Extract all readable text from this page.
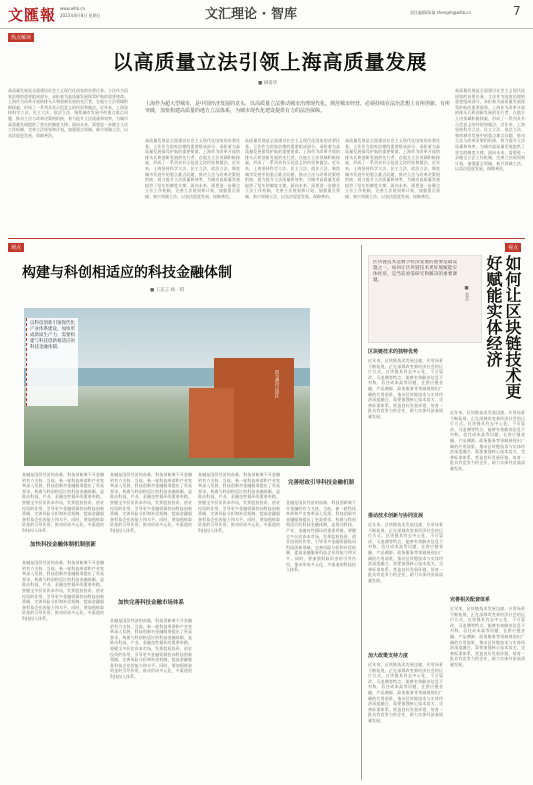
文匯報 www.whb.cn
2023年8月8日 星期日	文汇理论 · 智库	责任编辑/陈瑜 zhengm@whb.cn	7
热点解读
以高质量立法引领上海高质量发展
■ 胡爱华
上海作为超大型城市，是中国经济发展的龙头，以高质量立法推动城市治理现代化、规范城市经营，必须持续在法治思想上有所创新、有所突破，加快构建高质量的地方立法体系，为城市现代化建设提供有力的法治保障。
高质量发展是全面建设社会主义现代化国家的首要任务。立法作为国家治理的重要组成部分，承担着为高质量发展保驾护航的重要使命。上海作为改革开放的排头兵和创新发展的先行者，在地方立法领域积极探索，形成了一系列具有示范意义的经验和做法。近年来，上海坚持科学立法、民主立法、依法立法，聚焦城市发展中的重点难点问题，推动立法与改革决策相衔接，着力提升立法质量和效率，为城市高质量发展提供了坚实的制度支撑。面向未来，需要进一步健全立法工作机制，完善立法规划和计划，加强重点领域、新兴领域立法，以良法促进发展、保障善治。
高质量发展是全面建设社会主义现代化国家的首要任务。立法作为国家治理的重要组成部分，承担着为高质量发展保驾护航的重要使命。上海作为改革开放的排头兵和创新发展的先行者，在地方立法领域积极探索，形成了一系列具有示范意义的经验和做法。近年来，上海坚持科学立法、民主立法、依法立法，聚焦城市发展中的重点难点问题，推动立法与改革决策相衔接，着力提升立法质量和效率，为城市高质量发展提供了坚实的制度支撑。面向未来，需要进一步健全立法工作机制，完善立法规划和计划，加强重点领域、新兴领域立法，以良法促进发展、保障善治。
高质量发展是全面建设社会主义现代化国家的首要任务。立法作为国家治理的重要组成部分，承担着为高质量发展保驾护航的重要使命。上海作为改革开放的排头兵和创新发展的先行者，在地方立法领域积极探索，形成了一系列具有示范意义的经验和做法。近年来，上海坚持科学立法、民主立法、依法立法，聚焦城市发展中的重点难点问题，推动立法与改革决策相衔接，着力提升立法质量和效率，为城市高质量发展提供了坚实的制度支撑。面向未来，需要进一步健全立法工作机制，完善立法规划和计划，加强重点领域、新兴领域立法，以良法促进发展、保障善治。
高质量发展是全面建设社会主义现代化国家的首要任务。立法作为国家治理的重要组成部分，承担着为高质量发展保驾护航的重要使命。上海作为改革开放的排头兵和创新发展的先行者，在地方立法领域积极探索，形成了一系列具有示范意义的经验和做法。近年来，上海坚持科学立法、民主立法、依法立法，聚焦城市发展中的重点难点问题，推动立法与改革决策相衔接，着力提升立法质量和效率，为城市高质量发展提供了坚实的制度支撑。面向未来，需要进一步健全立法工作机制，完善立法规划和计划，加强重点领域、新兴领域立法，以良法促进发展、保障善治。
高质量发展是全面建设社会主义现代化国家的首要任务。立法作为国家治理的重要组成部分，承担着为高质量发展保驾护航的重要使命。上海作为改革开放的排头兵和创新发展的先行者，在地方立法领域积极探索，形成了一系列具有示范意义的经验和做法。近年来，上海坚持科学立法、民主立法、依法立法，聚焦城市发展中的重点难点问题，推动立法与改革决策相衔接，着力提升立法质量和效率，为城市高质量发展提供了坚实的制度支撑。面向未来，需要进一步健全立法工作机制，完善立法规划和计划，加强重点领域、新兴领域立法，以良法促进发展、保障善治。
观点
构建与科创相适应的科技金融体制
■ 王玄言 杨一琪
以科技创新引领现代化产业体系建设，加快形成新质生产力，需要构建与科技创新相适应的科技金融体制。
图为漕河泾园区
金融是国民经济的血脉，科技创新离不开金融的有力支持。当前，新一轮科技革命和产业变革深入发展，科技创新对金融服务提出了更高要求。构建与科创相适应的科技金融体制，是推动科技、产业、金融良性循环的重要举措。要健全多层次资本市场，发挥股权投资、创业投资的作用，引导更多金融资源投向科技创新领域，完善风险分担和补偿机制，提高金融服务科技企业的能力和水平。同时，要加强财政资金的引导作用，推动形成多元化、多渠道的科技投入体系。
加快科技金融体制机制创新
金融是国民经济的血脉，科技创新离不开金融的有力支持。当前，新一轮科技革命和产业变革深入发展，科技创新对金融服务提出了更高要求。构建与科创相适应的科技金融体制，是推动科技、产业、金融良性循环的重要举措。要健全多层次资本市场，发挥股权投资、创业投资的作用，引导更多金融资源投向科技创新领域，完善风险分担和补偿机制，提高金融服务科技企业的能力和水平。同时，要加强财政资金的引导作用，推动形成多元化、多渠道的科技投入体系。
金融是国民经济的血脉，科技创新离不开金融的有力支持。当前，新一轮科技革命和产业变革深入发展，科技创新对金融服务提出了更高要求。构建与科创相适应的科技金融体制，是推动科技、产业、金融良性循环的重要举措。要健全多层次资本市场，发挥股权投资、创业投资的作用，引导更多金融资源投向科技创新领域，完善风险分担和补偿机制，提高金融服务科技企业的能力和水平。同时，要加强财政资金的引导作用，推动形成多元化、多渠道的科技投入体系。
加快完善科技金融市场体系
金融是国民经济的血脉，科技创新离不开金融的有力支持。当前，新一轮科技革命和产业变革深入发展，科技创新对金融服务提出了更高要求。构建与科创相适应的科技金融体制，是推动科技、产业、金融良性循环的重要举措。要健全多层次资本市场，发挥股权投资、创业投资的作用，引导更多金融资源投向科技创新领域，完善风险分担和补偿机制，提高金融服务科技企业的能力和水平。同时，要加强财政资金的引导作用，推动形成多元化、多渠道的科技投入体系。
金融是国民经济的血脉，科技创新离不开金融的有力支持。当前，新一轮科技革命和产业变革深入发展，科技创新对金融服务提出了更高要求。构建与科创相适应的科技金融体制，是推动科技、产业、金融良性循环的重要举措。要健全多层次资本市场，发挥股权投资、创业投资的作用，引导更多金融资源投向科技创新领域，完善风险分担和补偿机制，提高金融服务科技企业的能力和水平。同时，要加强财政资金的引导作用，推动形成多元化、多渠道的科技投入体系。
完善财政引导科技金融机制
金融是国民经济的血脉，科技创新离不开金融的有力支持。当前，新一轮科技革命和产业变革深入发展，科技创新对金融服务提出了更高要求。构建与科创相适应的科技金融体制，是推动科技、产业、金融良性循环的重要举措。要健全多层次资本市场，发挥股权投资、创业投资的作用，引导更多金融资源投向科技创新领域，完善风险分担和补偿机制，提高金融服务科技企业的能力和水平。同时，要加强财政资金的引导作用，推动形成多元化、多渠道的科技投入体系。
视点
如何让区块链技术更好赋能实体经济
区块链技术是数字经济发展的重要基础设施之一，如何让区块链技术更好地赋能实体经济，是当前亟需研究和解决的重要课题。
■ 姜卉
区块链技术的独特优势
近年来，区块链技术发展迅速，应用场景不断拓展，正在深刻改变着经济社会的运行方式。区块链具有去中心化、不可篡改、可追溯等特点，能够有效解决信息不对称、信任成本高等问题，在供应链金融、产品溯源、政务服务等领域展现出广阔的应用前景。推动区块链技术与实体经济深度融合，需要加强核心技术攻关，完善标准体系，营造良好发展环境，培育一批具有竞争力的企业，助力实体经济高质量发展。
推动技术创新与协同发展
近年来，区块链技术发展迅速，应用场景不断拓展，正在深刻改变着经济社会的运行方式。区块链具有去中心化、不可篡改、可追溯等特点，能够有效解决信息不对称、信任成本高等问题，在供应链金融、产品溯源、政务服务等领域展现出广阔的应用前景。推动区块链技术与实体经济深度融合，需要加强核心技术攻关，完善标准体系，营造良好发展环境，培育一批具有竞争力的企业，助力实体经济高质量发展。
加大政策支持力度
近年来，区块链技术发展迅速，应用场景不断拓展，正在深刻改变着经济社会的运行方式。区块链具有去中心化、不可篡改、可追溯等特点，能够有效解决信息不对称、信任成本高等问题，在供应链金融、产品溯源、政务服务等领域展现出广阔的应用前景。推动区块链技术与实体经济深度融合，需要加强核心技术攻关，完善标准体系，营造良好发展环境，培育一批具有竞争力的企业，助力实体经济高质量发展。
近年来，区块链技术发展迅速，应用场景不断拓展，正在深刻改变着经济社会的运行方式。区块链具有去中心化、不可篡改、可追溯等特点，能够有效解决信息不对称、信任成本高等问题，在供应链金融、产品溯源、政务服务等领域展现出广阔的应用前景。推动区块链技术与实体经济深度融合，需要加强核心技术攻关，完善标准体系，营造良好发展环境，培育一批具有竞争力的企业，助力实体经济高质量发展。
完善相关配套体系
近年来，区块链技术发展迅速，应用场景不断拓展，正在深刻改变着经济社会的运行方式。区块链具有去中心化、不可篡改、可追溯等特点，能够有效解决信息不对称、信任成本高等问题，在供应链金融、产品溯源、政务服务等领域展现出广阔的应用前景。推动区块链技术与实体经济深度融合，需要加强核心技术攻关，完善标准体系，营造良好发展环境，培育一批具有竞争力的企业，助力实体经济高质量发展。
